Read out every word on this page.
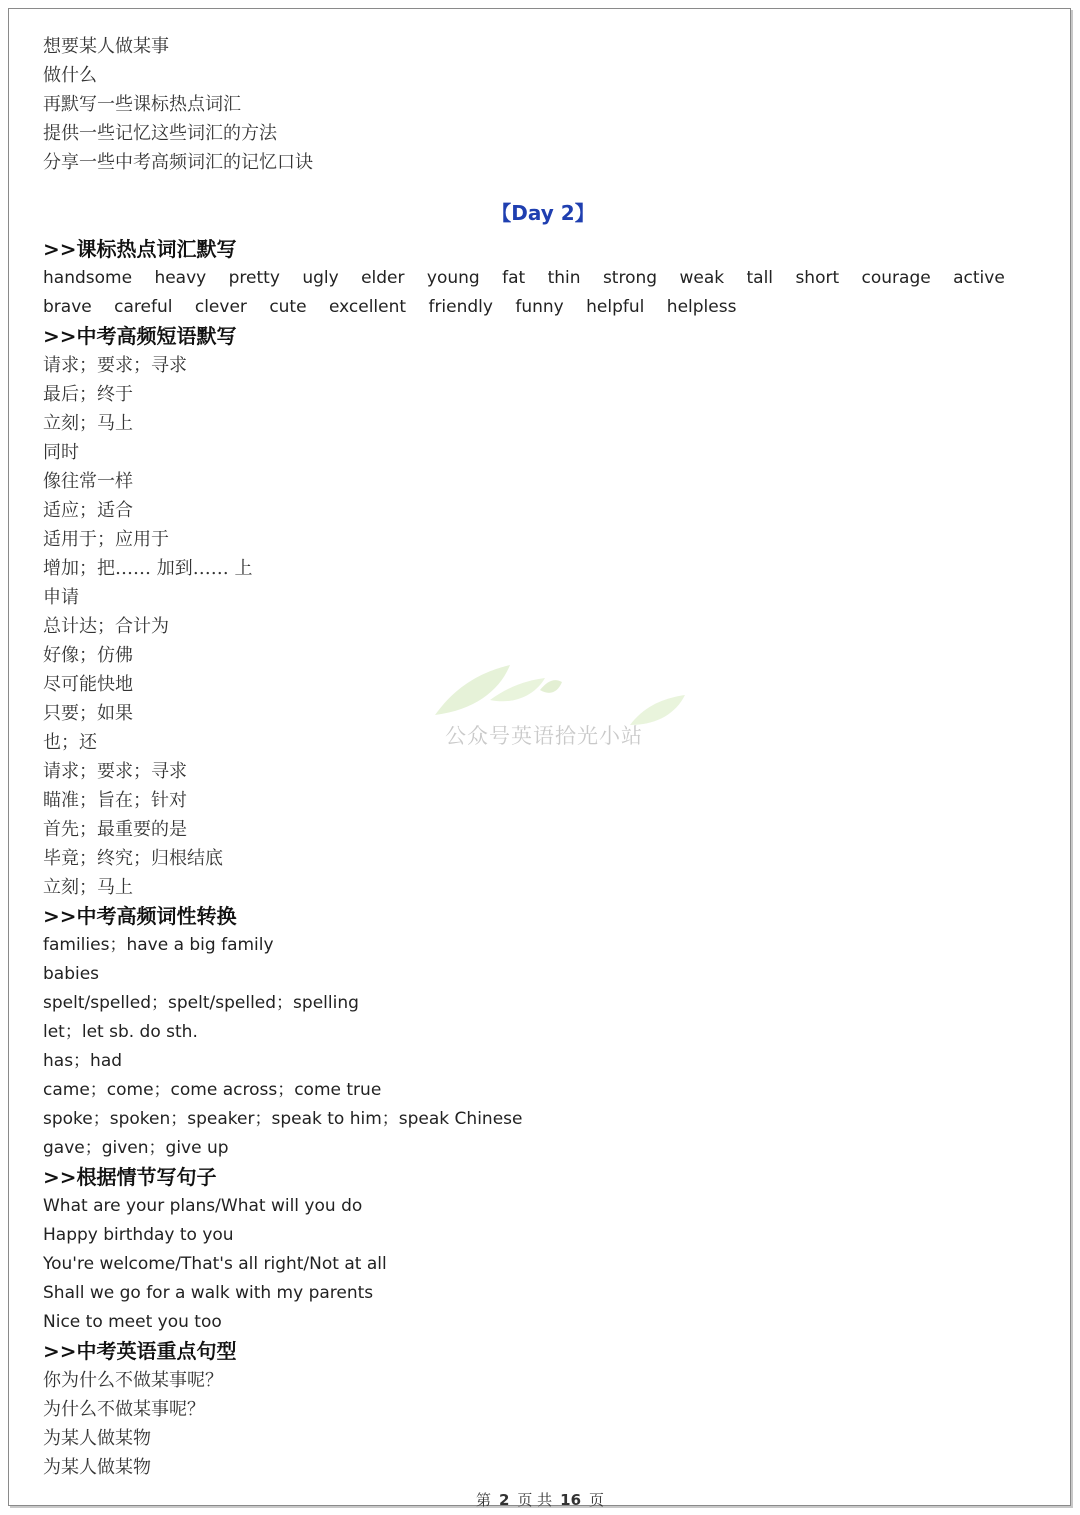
想要某人做某事
做什么
再默写一些课标热点词汇
提供一些记忆这些词汇的方法
分享一些中考高频词汇的记忆口诀
【Day 2】
>>课标热点词汇默写
handsome heavy pretty ugly elder young fat thin strong weak tall short courage active
brave careful clever cute excellent friendly funny helpful helpless
>>中考高频短语默写
请求；要求；寻求
最后；终于
立刻；马上
同时
像往常一样
适应；适合
适用于；应用于
增加；把…… 加到…… 上
申请
总计达；合计为
好像；仿佛
尽可能快地
只要；如果
也；还
请求；要求；寻求
瞄准；旨在；针对
首先；最重要的是
毕竟；终究；归根结底
立刻；马上
>>中考高频词性转换
families；have a big family
babies
spelt/spelled；spelt/spelled；spelling
let；let sb. do sth.
has；had
came；come；come across；come true
spoke；spoken；speaker；speak to him；speak Chinese
gave；given；give up
>>根据情节写句子
What are your plans/What will you do
Happy birthday to you
You're welcome/That's all right/Not at all
Shall we go for a walk with my parents
Nice to meet you too
>>中考英语重点句型
你为什么不做某事呢？
为什么不做某事呢？
为某人做某物
为某人做某物
公众号英语拾光小站
第 2 页 共 16 页
